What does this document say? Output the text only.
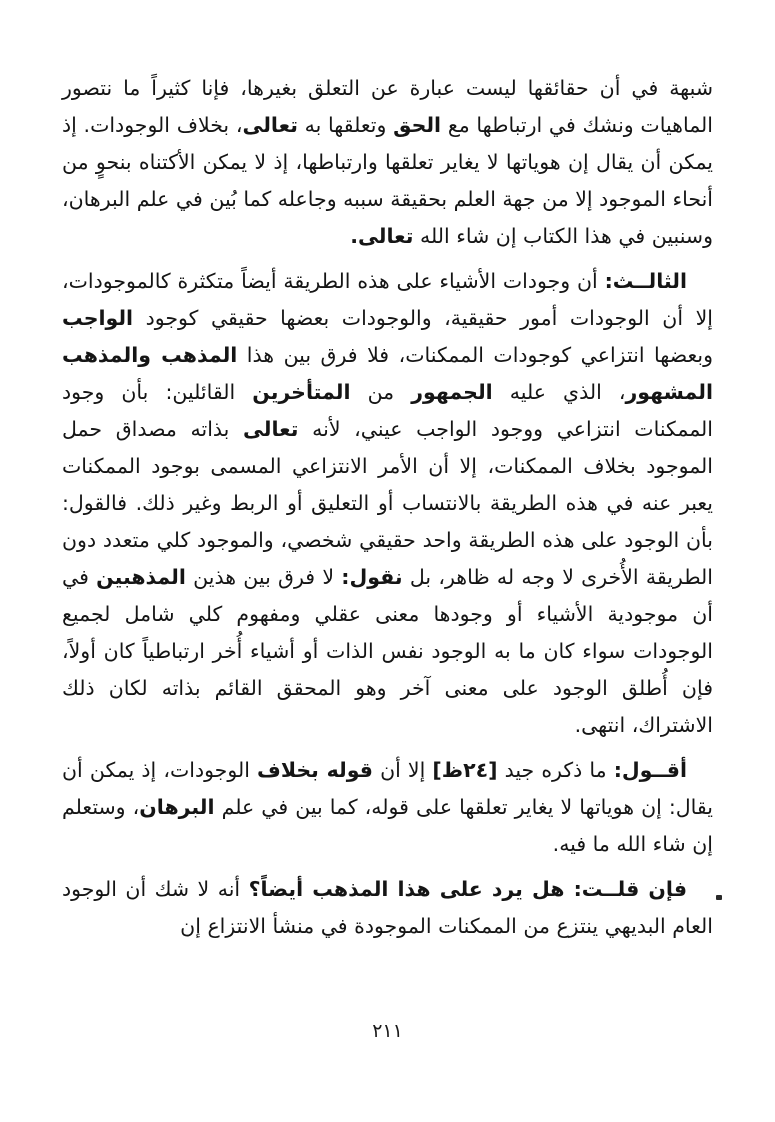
شبهة في أن حقائقها ليست عبارة عن التعلق بغيرها، فإنا كثيراً ما نتصور الماهيات ونشك في ارتباطها مع الحق وتعلقها به تعالى، بخلاف الوجودات. إذ يمكن أن يقال إن هوياتها لا يغاير تعلقها وارتباطها، إذ لا يمكن الأكتناه بنحوٍ من أنحاء الموجود إلا من جهة العلم بحقيقة سببه وجاعله كما بُين في علم البرهان، وسنبين في هذا الكتاب إن شاء الله تعالى.

الثالــث: أن وجودات الأشياء على هذه الطريقة أيضاً متكثرة كالموجودات، إلا أن الوجودات أمور حقيقية، والوجودات بعضها حقيقي كوجود الواجب وبعضها انتزاعي كوجودات الممكنات، فلا فرق بين هذا المذهب والمذهب المشهور، الذي عليه الجمهور من المتأخرين القائلين: بأن وجود الممكنات انتزاعي ووجود الواجب عيني، لأنه تعالى بذاته مصداق حمل الموجود بخلاف الممكنات، إلا أن الأمر الانتزاعي المسمى بوجود الممكنات يعبر عنه في هذه الطريقة بالانتساب أو التعليق أو الربط وغير ذلك. فالقول: بأن الوجود على هذه الطريقة واحد حقيقي شخصي، والموجود كلي متعدد دون الطريقة الأُخرى لا وجه له ظاهر، بل نقول: لا فرق بين هذين المذهبين في أن موجودية الأشياء أو وجودها معنى عقلي ومفهوم كلي شامل لجميع الوجودات سواء كان ما به الوجود نفس الذات أو أشياء أُخر ارتباطياً كان أولاً، فإن أُطلق الوجود على معنى آخر وهو المحقق القائم بذاته لكان ذلك الاشتراك، انتهى.

أقــول: ما ذكره جيد [٢٤ظ] إلا أن قوله بخلاف الوجودات، إذ يمكن أن يقال: إن هوياتها لا يغاير تعلقها على قوله، كما بين في علم البرهان، وستعلم إن شاء الله ما فيه.

فإن قلــت: هل يرد على هذا المذهب أيضاً؟ أنه لا شك أن الوجود العام البديهي ينتزع من الممكنات الموجودة في منشأ الانتزاع إن

٢١١
